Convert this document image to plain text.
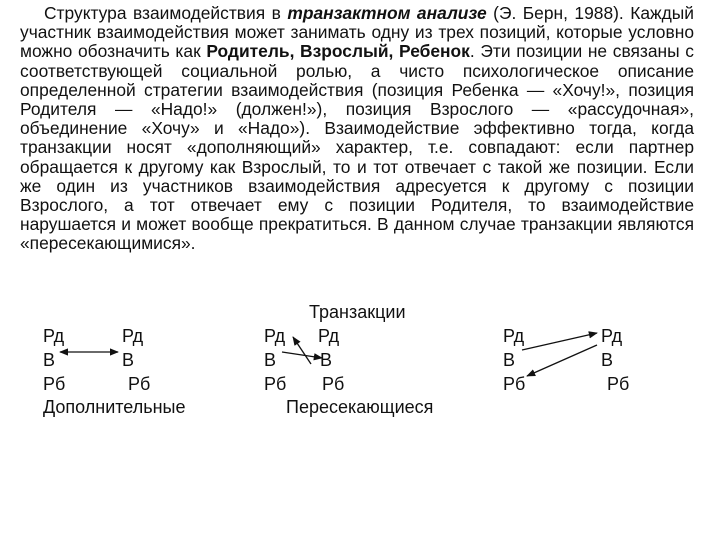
Структура взаимодействия в транзактном анализе (Э. Берн, 1988). Каждый участник взаимодействия может занимать одну из трех позиций, которые условно можно обозначить как Родитель, Взрослый, Ребенок. Эти позиции не связаны с соответствующей социальной ролью, а чисто психологическое описание определенной стратегии взаимодействия (позиция Ребенка — «Хочу!», позиция Родителя — «Надо!» (должен!»), позиция Взрослого — «рассудочная», объединение «Хочу» и «Надо»). Взаимодействие эффективно тогда, когда транзакции носят «дополняющий» характер, т.е. совпадают: если партнер обращается к другому как Взрослый, то и тот отвечает с такой же позиции. Если же один из участников взаимодействия адресуется к другому с позиции Взрослого, а тот отвечает ему с позиции Родителя, то взаимодействие нарушается и может вообще прекратиться. В данном случае транзакции являются «пересекающимися».

Транзакции
Рд
В
Рб
Рд
В
Рб
Дополнительные
Рд
В
Рб
Рд
В
Рб
Пересекающиеся
Рд
В
Рб
Рд
В
Рб
